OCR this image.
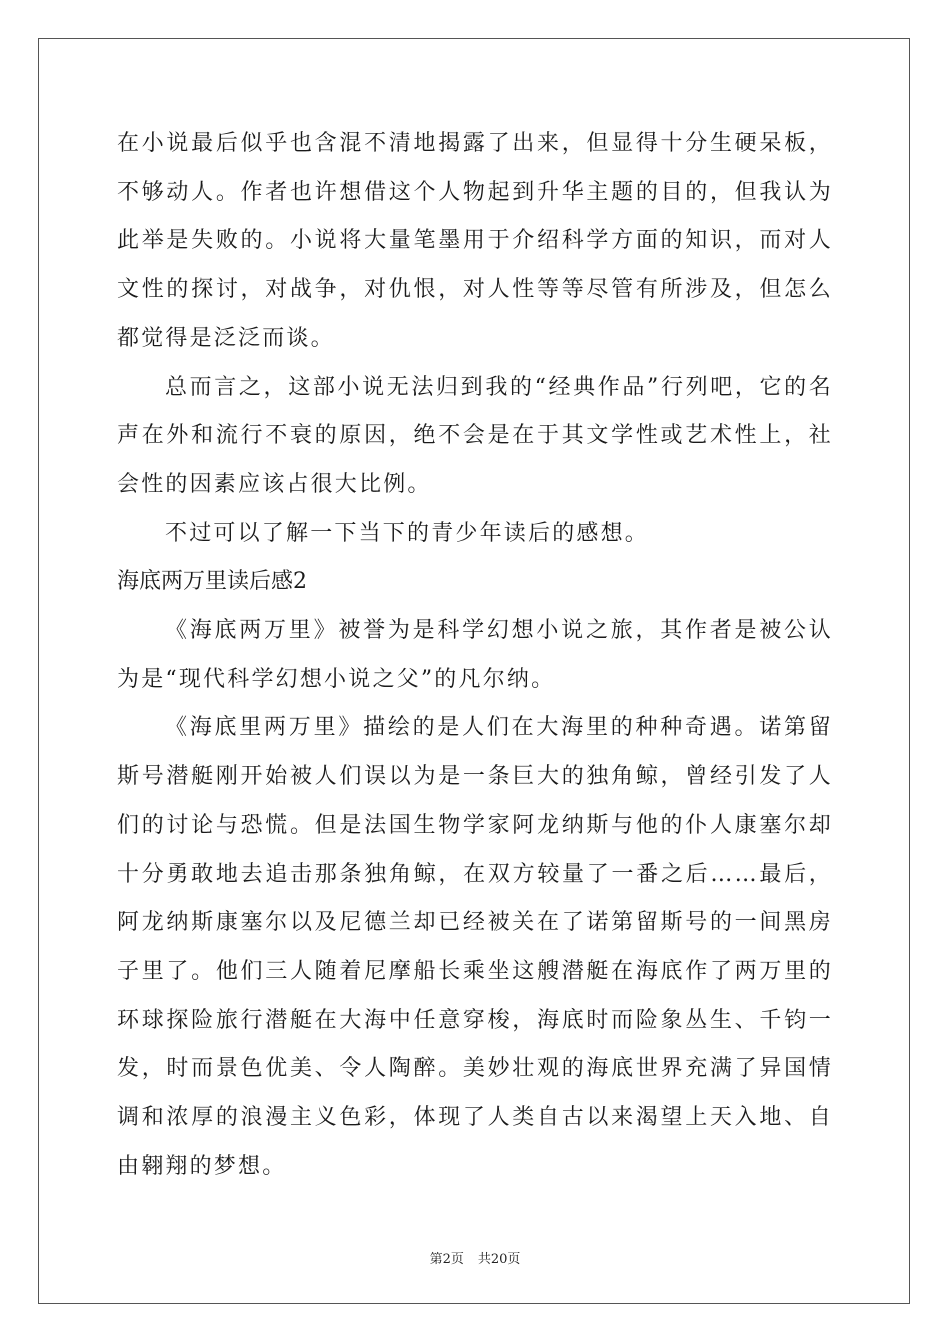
在小说最后似乎也含混不清地揭露了出来，但显得十分生硬呆板，不够动人。作者也许想借这个人物起到升华主题的目的，但我认为此举是失败的。小说将大量笔墨用于介绍科学方面的知识，而对人文性的探讨，对战争，对仇恨，对人性等等尽管有所涉及，但怎么都觉得是泛泛而谈。

总而言之，这部小说无法归到我的“经典作品”行列吧，它的名声在外和流行不衰的原因，绝不会是在于其文学性或艺术性上，社会性的因素应该占很大比例。

不过可以了解一下当下的青少年读后的感想。

海底两万里读后感2

《海底两万里》被誉为是科学幻想小说之旅，其作者是被公认为是“现代科学幻想小说之父”的凡尔纳。

《海底里两万里》描绘的是人们在大海里的种种奇遇。诺第留斯号潜艇刚开始被人们误以为是一条巨大的独角鲸，曾经引发了人们的讨论与恐慌。但是法国生物学家阿龙纳斯与他的仆人康塞尔却十分勇敢地去追击那条独角鲸，在双方较量了一番之后……最后，阿龙纳斯康塞尔以及尼德兰却已经被关在了诺第留斯号的一间黑房子里了。他们三人随着尼摩船长乘坐这艘潜艇在海底作了两万里的环球探险旅行潜艇在大海中任意穿梭，海底时而险象丛生、千钧一发，时而景色优美、令人陶醉。美妙壮观的海底世界充满了异国情调和浓厚的浪漫主义色彩，体现了人类自古以来渴望上天入地、自由翱翔的梦想。

第2页 共20页
